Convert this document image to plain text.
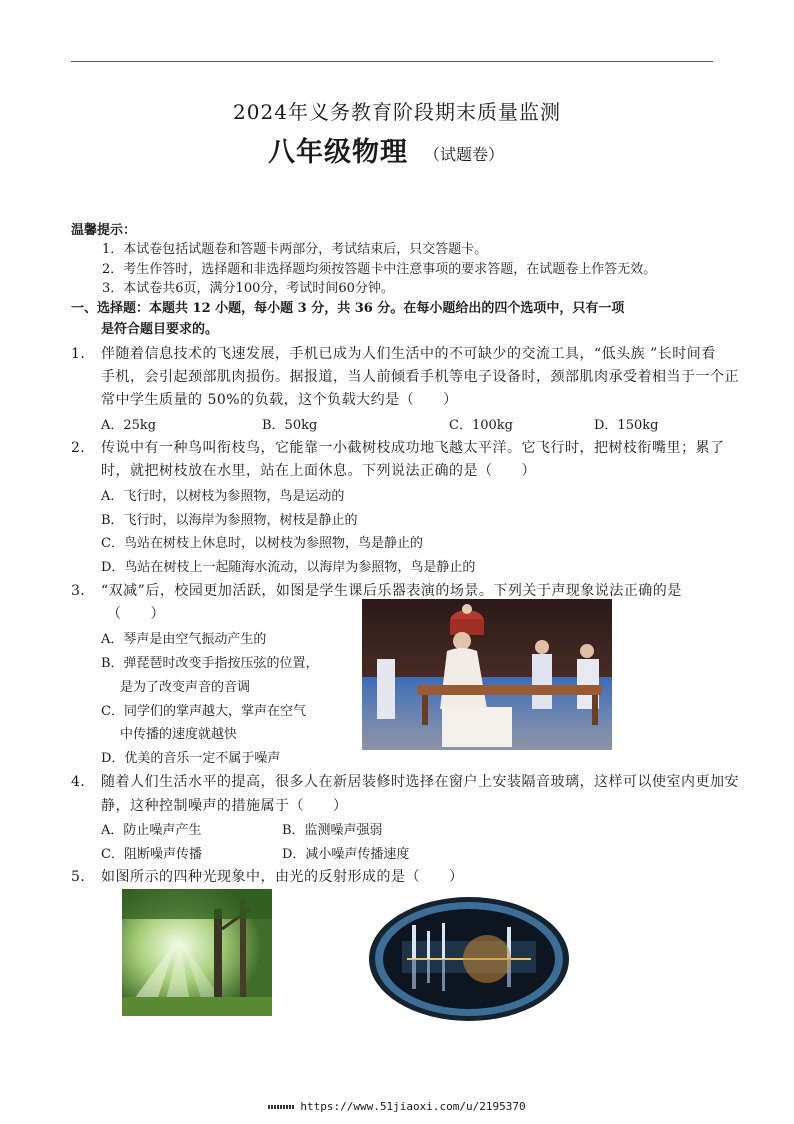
2024年义务教育阶段期末质量监测
八年级物理 （试题卷）
温馨提示：
1．本试卷包括试题卷和答题卡两部分，考试结束后，只交答题卡。
2．考生作答时，选择题和非选择题均须按答题卡中注意事项的要求答题，在试题卷上作答无效。
3．本试卷共6页，满分100分，考试时间60分钟。
一、选择题：本题共 12 小题，每小题 3 分，共 36 分。在每小题给出的四个选项中，只有一项
是符合题目要求的。
1． 伴随着信息技术的飞速发展，手机已成为人们生活中的不可缺少的交流工具，“低头族 ”长时间看
手机，会引起颈部肌肉损伤。据报道，当人前倾看手机等电子设备时，颈部肌肉承受着相当于一个正
常中学生质量的 50%的负载，这个负载大约是（　　）
A．25kg	B．50kg	C．100kg	D．150kg
2． 传说中有一种鸟叫衔枝鸟，它能靠一小截树枝成功地飞越太平洋。它飞行时，把树枝衔嘴里；累了
时，就把树枝放在水里，站在上面休息。下列说法正确的是（　　）
A．飞行时，以树枝为参照物，鸟是运动的
B．飞行时，以海岸为参照物，树枝是静止的
C．鸟站在树枝上休息时，以树枝为参照物，鸟是静止的
D．鸟站在树枝上一起随海水流动，以海岸为参照物，鸟是静止的
3． “双减”后，校园更加活跃，如图是学生课后乐器表演的场景。下列关于声现象说法正确的是
（　　）
A．琴声是由空气振动产生的
B．弹琵琶时改变手指按压弦的位置，
是为了改变声音的音调
C．同学们的掌声越大，掌声在空气
中传播的速度就越快
D．优美的音乐一定不属于噪声
4． 随着人们生活水平的提高，很多人在新居装修时选择在窗户上安装隔音玻璃，这样可以使室内更加安
静，这种控制噪声的措施属于（　　）
A．防止噪声产生	B．监测噪声强弱
C．阻断噪声传播	D．减小噪声传播速度
5． 如图所示的四种光现象中，由光的反射形成的是（　　）
https://www.51jiaoxi.com/u/2195370
